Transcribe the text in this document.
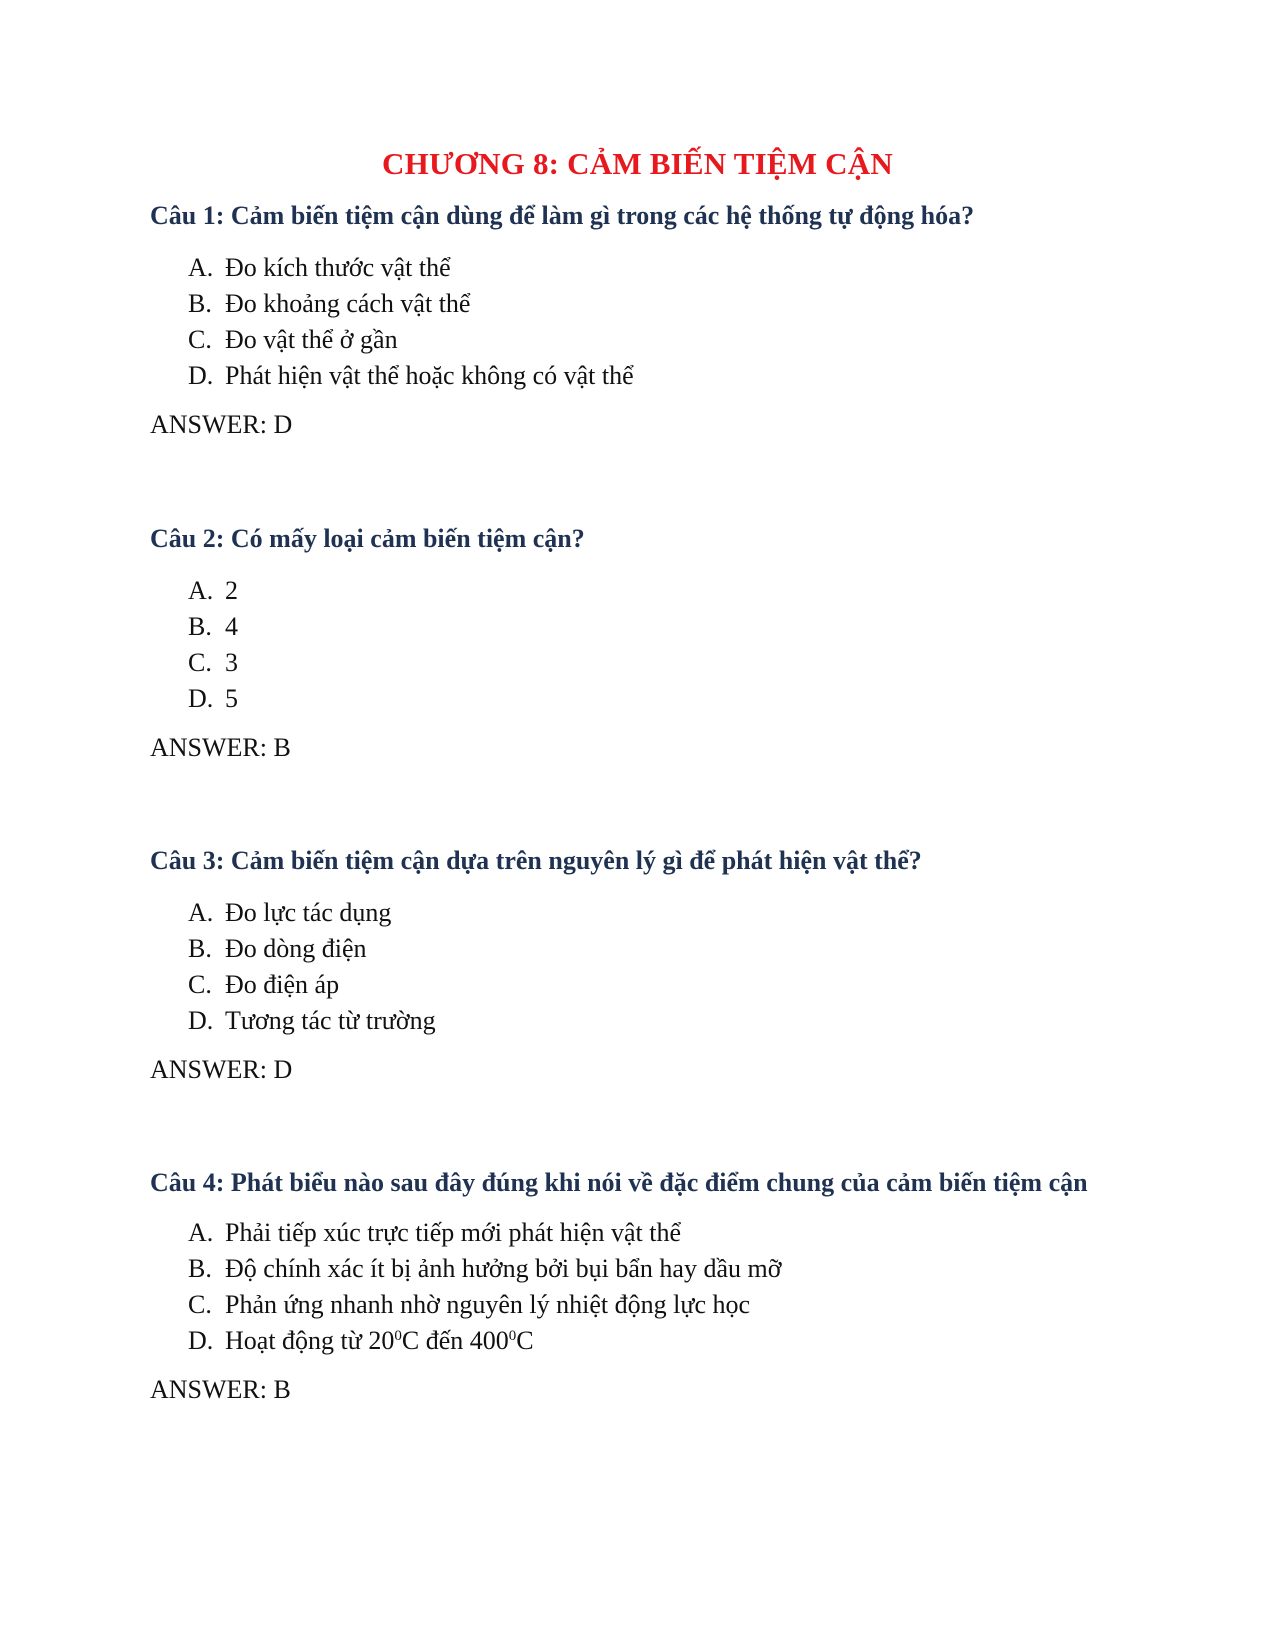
CHƯƠNG 8: CẢM BIẾN TIỆM CẬN

Câu 1: Cảm biến tiệm cận dùng để làm gì trong các hệ thống tự động hóa?

A. Đo kích thước vật thể
B. Đo khoảng cách vật thể
C. Đo vật thể ở gần
D. Phát hiện vật thể hoặc không có vật thể
ANSWER: D

Câu 2: Có mấy loại cảm biến tiệm cận?

A. 2
B. 4
C. 3
D. 5
ANSWER: B

Câu 3: Cảm biến tiệm cận dựa trên nguyên lý gì để phát hiện vật thể?

A. Đo lực tác dụng
B. Đo dòng điện
C. Đo điện áp
D. Tương tác từ trường
ANSWER: D

Câu 4: Phát biểu nào sau đây đúng khi nói về đặc điểm chung của cảm biến tiệm cận

A. Phải tiếp xúc trực tiếp mới phát hiện vật thể
B. Độ chính xác ít bị ảnh hưởng bởi bụi bẩn hay dầu mỡ
C. Phản ứng nhanh nhờ nguyên lý nhiệt động lực học
D. Hoạt động từ $20^0C$ đến $400^0C$
ANSWER: B
